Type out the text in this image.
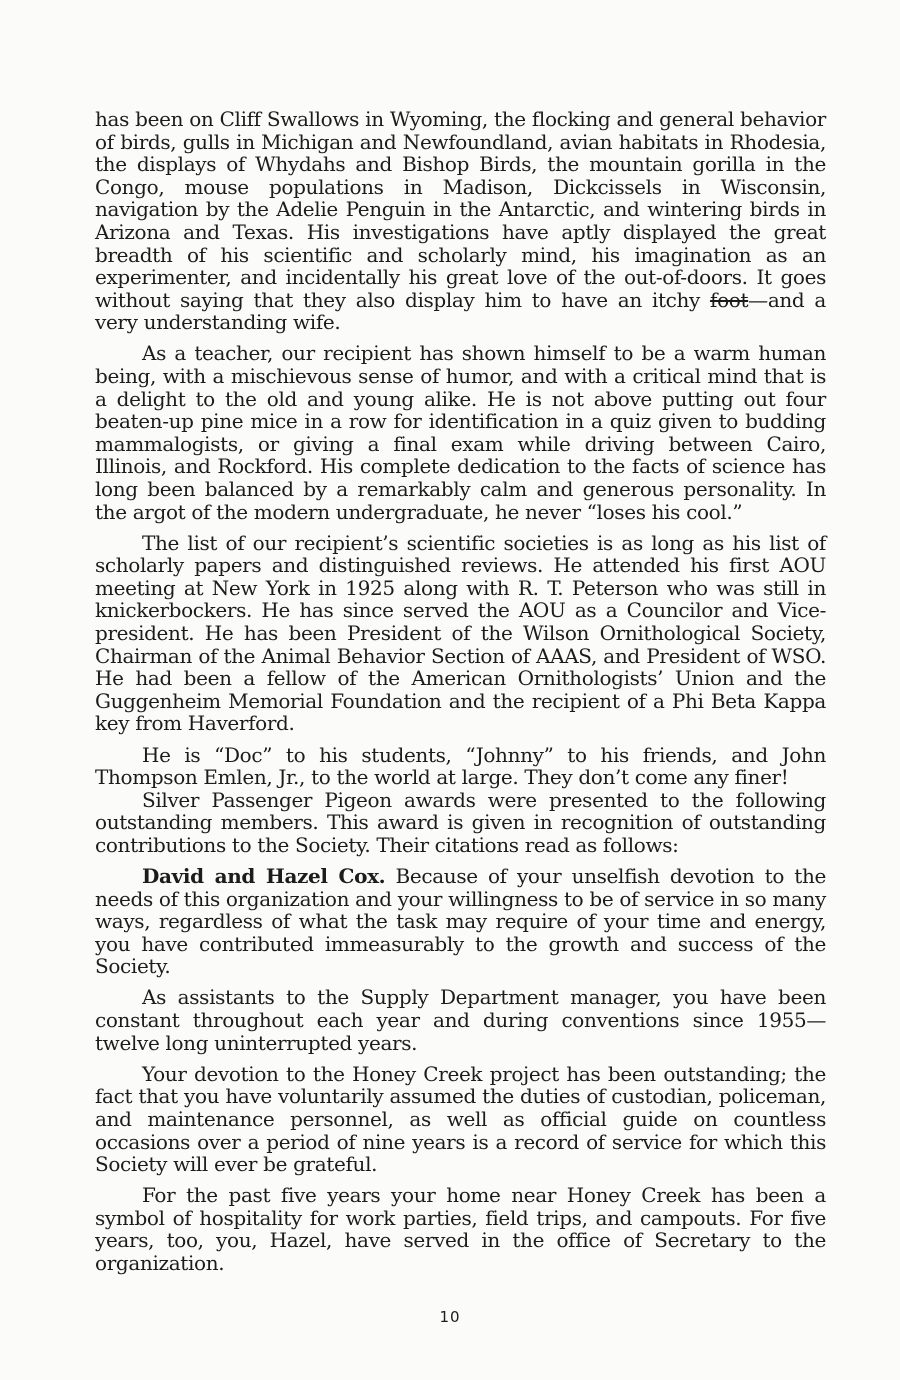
has been on Cliff Swallows in Wyoming, the flocking and general behavior of birds, gulls in Michigan and Newfoundland, avian habitats in Rhodesia, the displays of Whydahs and Bishop Birds, the mountain gorilla in the Congo, mouse populations in Madison, Dickcissels in Wisconsin, navigation by the Adelie Penguin in the Antarctic, and wintering birds in Arizona and Texas. His investigations have aptly displayed the great breadth of his scientific and scholarly mind, his imagination as an experimenter, and incidentally his great love of the out-of-doors. It goes without saying that they also display him to have an itchy foot—and a very understanding wife.

As a teacher, our recipient has shown himself to be a warm human being, with a mischievous sense of humor, and with a critical mind that is a delight to the old and young alike. He is not above putting out four beaten-up pine mice in a row for identification in a quiz given to budding mammalogists, or giving a final exam while driving between Cairo, Illinois, and Rockford. His complete dedication to the facts of science has long been balanced by a remarkably calm and generous personality. In the argot of the modern undergraduate, he never “loses his cool.”

The list of our recipient’s scientific societies is as long as his list of scholarly papers and distinguished reviews. He attended his first AOU meeting at New York in 1925 along with R. T. Peterson who was still in knickerbockers. He has since served the AOU as a Councilor and Vice-president. He has been President of the Wilson Ornithological Society, Chairman of the Animal Behavior Section of AAAS, and President of WSO. He had been a fellow of the American Ornithologists’ Union and the Guggenheim Memorial Foundation and the recipient of a Phi Beta Kappa key from Haverford.

He is “Doc” to his students, “Johnny” to his friends, and John Thompson Emlen, Jr., to the world at large. They don’t come any finer!

Silver Passenger Pigeon awards were presented to the following outstanding members. This award is given in recognition of outstanding contributions to the Society. Their citations read as follows:

David and Hazel Cox. Because of your unselfish devotion to the needs of this organization and your willingness to be of service in so many ways, regardless of what the task may require of your time and energy, you have contributed immeasurably to the growth and success of the Society.

As assistants to the Supply Department manager, you have been constant throughout each year and during conventions since 1955—twelve long uninterrupted years.

Your devotion to the Honey Creek project has been outstanding; the fact that you have voluntarily assumed the duties of custodian, policeman, and maintenance personnel, as well as official guide on countless occasions over a period of nine years is a record of service for which this Society will ever be grateful.

For the past five years your home near Honey Creek has been a symbol of hospitality for work parties, field trips, and campouts. For five years, too, you, Hazel, have served in the office of Secretary to the organization.

10
